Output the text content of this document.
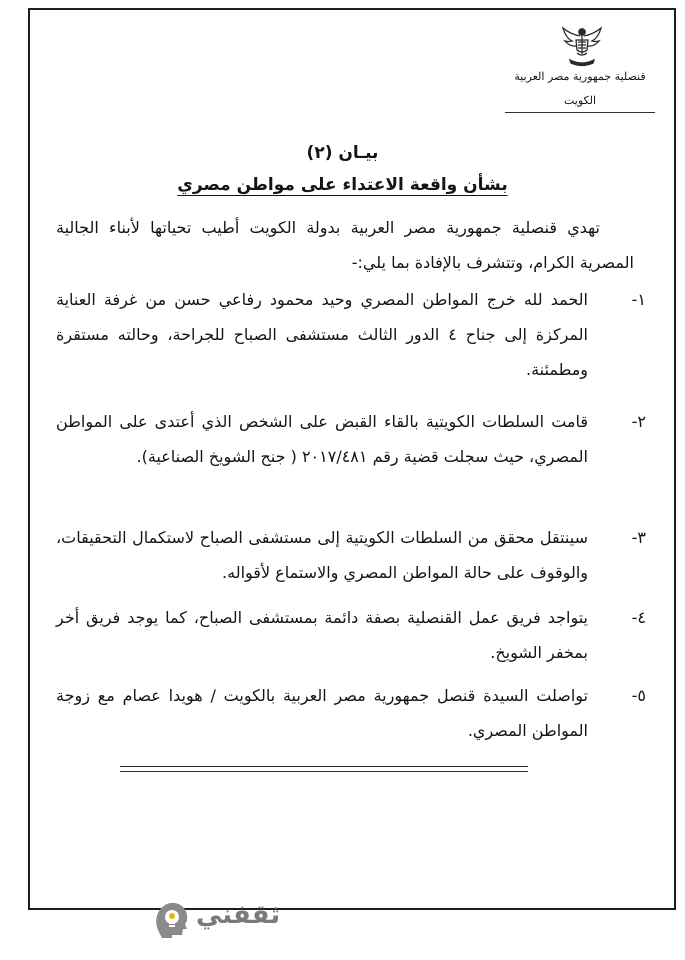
قنصلية جمهورية مصر العربية
الكويت
بيـان (٢)
بشأن واقعة الاعتداء على مواطن مصري
تهدي قنصلية جمهورية مصر العربية بدولة الكويت أطيب تحياتها لأبناء الجالية المصرية الكرام، وتتشرف بالإفادة بما يلي:-
١-
الحمد لله خرج المواطن المصري وحيد محمود رفاعي حسن من غرفة العناية المركزة إلى جناح ٤ الدور الثالث مستشفى الصباح للجراحة، وحالته مستقرة ومطمئنة.
٢-
قامت السلطات الكويتية بالقاء القبض على الشخص الذي أعتدى على المواطن المصري، حيث سجلت قضية رقم ٢٠١٧/٤٨١ ( جنح الشويخ الصناعية).
٣-
سينتقل محقق من السلطات الكويتية إلى مستشفى الصباح لاستكمال التحقيقات، والوقوف على حالة المواطن المصري والاستماع لأقواله.
٤-
يتواجد فريق عمل القنصلية بصفة دائمة بمستشفى الصباح، كما يوجد فريق أخر بمخفر الشويخ.
٥-
تواصلت السيدة قنصل جمهورية مصر العربية بالكويت / هويدا عصام مع زوجة المواطن المصري.
ثقفني
